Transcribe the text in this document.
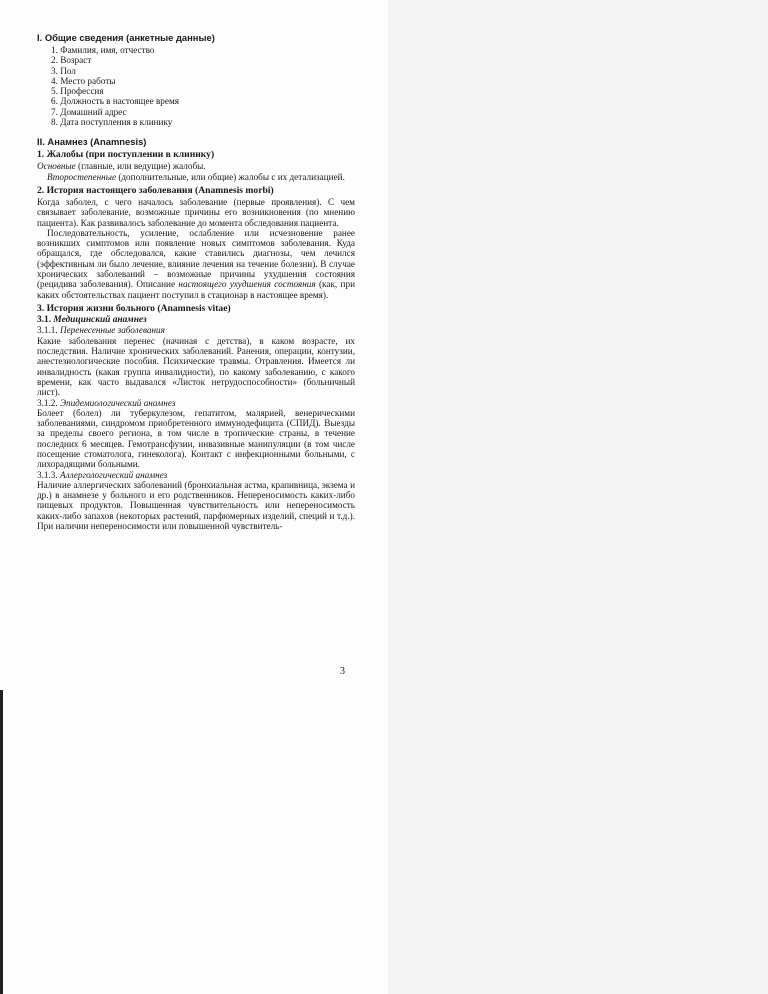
I. Общие сведения (анкетные данные)
1. Фамилия, имя, отчество
2. Возраст
3. Пол
4. Место работы
5. Профессия
6. Должность в настоящее время
7. Домашний адрес
8. Дата поступления в клинику
II. Анамнез (Anamnesis)
1. Жалобы (при поступлении в клинику)

Основные (главные, или ведущие) жалобы.

Второстепенные (дополнительные, или общие) жалобы с их детализацией.

2. История настоящего заболевания (Anamnesis morbi)

Когда заболел, с чего началось заболевание (первые проявления). С чем связывает заболевание, возможные причины его возникновения (по мнению пациента). Как развивалось заболевание до момента обследования пациента.

Последовательность, усиление, ослабление или исчезновение ранее возникших симптомов или появление новых симптомов заболевания. Куда обращался, где обследовался, какие ставились диагнозы, чем лечился (эффективным ли было лечение, влияние лечения на течение болезни). В случае хронических заболеваний – возможные причины ухудшения состояния (рецидива заболевания). Описание настоящего ухудшения состояния (как, при каких обстоятельствах пациент поступил в стационар в настоящее время).

3. История жизни больного (Anamnesis vitae)
3.1. Медицинский анамнез
3.1.1. Перенесенные заболевания

Какие заболевания перенес (начиная с детства), в каком возрасте, их последствия. Наличие хронических заболеваний. Ранения, операции, контузии, анестезиологические пособия. Психические травмы. Отравления. Имеется ли инвалидность (какая группа инвалидности), по какому заболеванию, с какого времени, как часто выдавался «Листок нетрудоспособности» (больничный лист).

3.1.2. Эпидемиологический анамнез

Болеет (болел) ли туберкулезом, гепатитом, малярией, венерическими заболеваниями, синдромом приобретенного иммунодефицита (СПИД). Выезды за пределы своего региона, в том числе в тропические страны, в течение последних 6 месяцев. Гемотрансфузии, инвазивные манипуляции (в том числе посещение стоматолога, гинеколога). Контакт с инфекционными больными, с лихорадящими больными.

3.1.3. Аллергологический анамнез

Наличие аллергических заболеваний (бронхиальная астма, крапивница, экзема и др.) в анамнезе у больного и его родственников. Непереносимость каких-либо пищевых продуктов. Повышенная чувствительность или непереносимость каких-либо запахов (некоторых растений, парфюмерных изделий, специй и т.д.). При наличии непереносимости или повышенной чувствитель-

3
